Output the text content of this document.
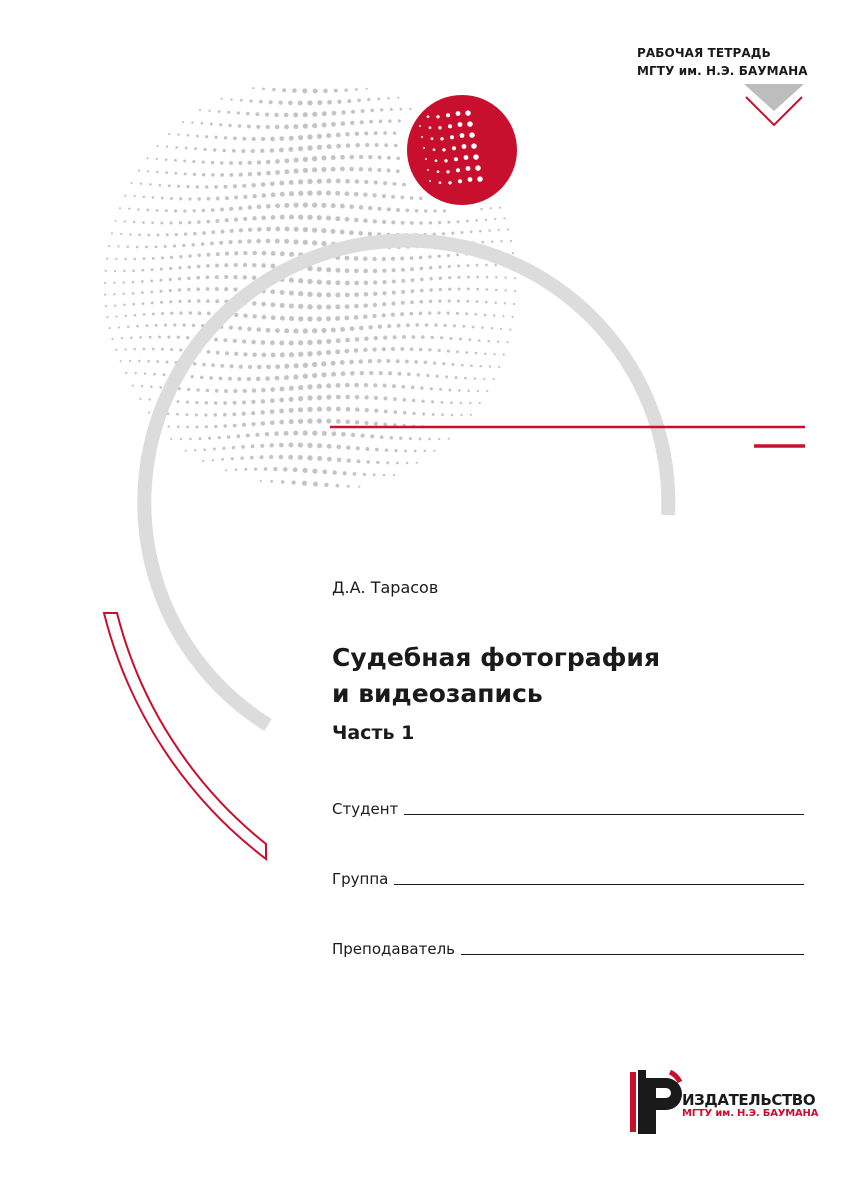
РАБОЧАЯ ТЕТРАДЬ
МГТУ им. Н.Э. БАУМАНА
Д.А. Тарасов
Судебная фотография
и видеозапись
Часть 1
Студент
Группа
Преподаватель
ИЗДАТЕЛЬСТВО
МГТУ им. Н.Э. БАУМАНА
